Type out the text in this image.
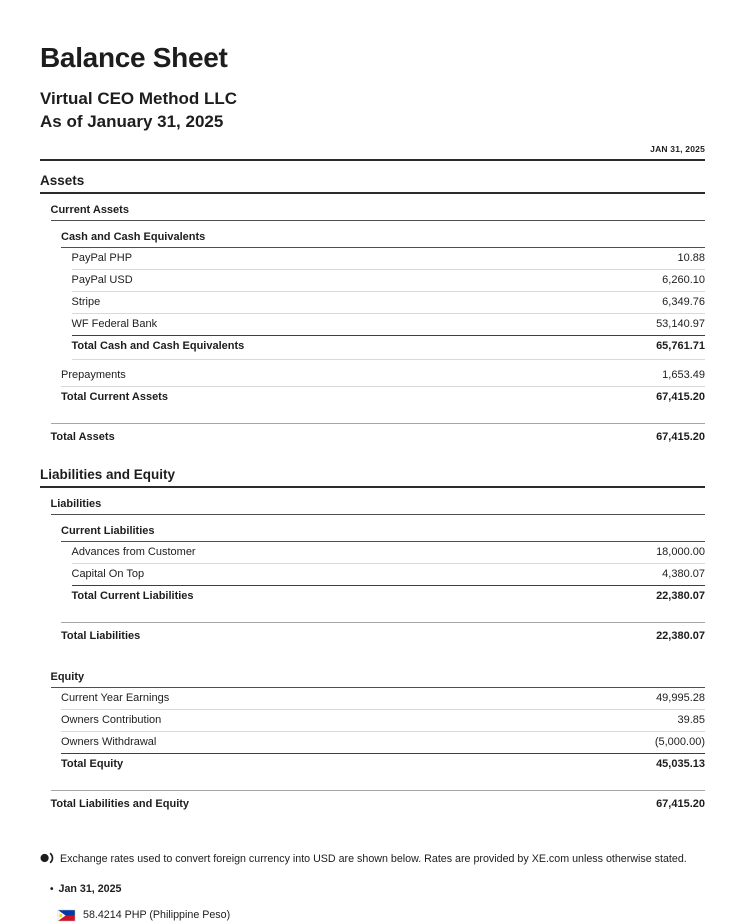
Balance Sheet
Virtual CEO Method LLC
As of January 31, 2025
JAN 31, 2025
Assets
Current Assets
Cash and Cash Equivalents
PayPal PHP	10.88
PayPal USD	6,260.10
Stripe	6,349.76
WF Federal Bank	53,140.97
Total Cash and Cash Equivalents	65,761.71
Prepayments	1,653.49
Total Current Assets	67,415.20
Total Assets	67,415.20
Liabilities and Equity
Liabilities
Current Liabilities
Advances from Customer	18,000.00
Capital On Top	4,380.07
Total Current Liabilities	22,380.07
Total Liabilities	22,380.07
Equity
Current Year Earnings	49,995.28
Owners Contribution	39.85
Owners Withdrawal	(5,000.00)
Total Equity	45,035.13
Total Liabilities and Equity	67,415.20

Exchange rates used to convert foreign currency into USD are shown below. Rates are provided by XE.com unless otherwise stated.

• Jan 31, 2025
58.4214 PHP (Philippine Peso)
